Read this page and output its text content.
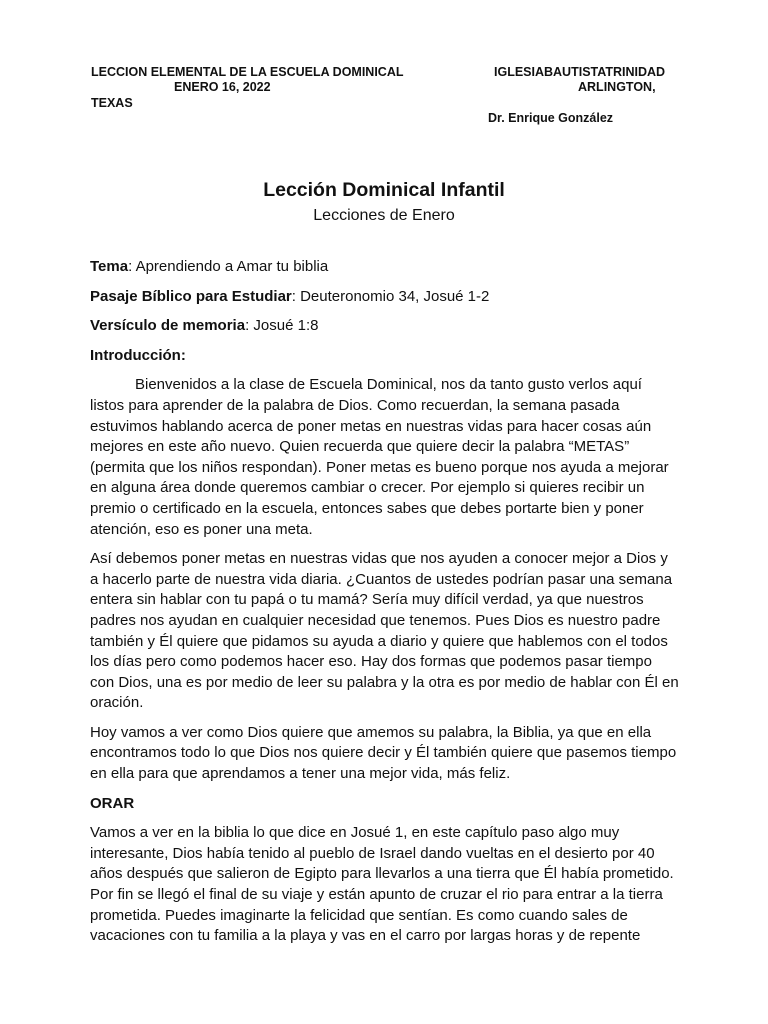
LECCION ELEMENTAL DE LA ESCUELA DOMINICAL
ENERO 16, 2022
TEXAS
IGLESIABAUTISTATRINIDAD
ARLINGTON,
Dr. Enrique González
Lección Dominical Infantil
Lecciones de Enero

Tema: Aprendiendo a Amar tu biblia

Pasaje Bíblico para Estudiar: Deuteronomio 34, Josué 1-2

Versículo de memoria: Josué 1:8

Introducción:

Bienvenidos a la clase de Escuela Dominical, nos da tanto gusto verlos aquí listos para aprender de la palabra de Dios. Como recuerdan, la semana pasada estuvimos hablando acerca de poner metas en nuestras vidas para hacer cosas aún mejores en este año nuevo. Quien recuerda que quiere decir la palabra “METAS” (permita que los niños respondan). Poner metas es bueno porque nos ayuda a mejorar en alguna área donde queremos cambiar o crecer. Por ejemplo si quieres recibir un premio o certificado en la escuela, entonces sabes que debes portarte bien y poner atención, eso es poner una meta.

Así debemos poner metas en nuestras vidas que nos ayuden a conocer mejor a Dios y a hacerlo parte de nuestra vida diaria. ¿Cuantos de ustedes podrían pasar una semana entera sin hablar con tu papá o tu mamá? Sería muy difícil verdad, ya que nuestros padres nos ayudan en cualquier necesidad que tenemos. Pues Dios es nuestro padre también y Él quiere que pidamos su ayuda a diario y quiere que hablemos con el todos los días pero como podemos hacer eso. Hay dos formas que podemos pasar tiempo con Dios, una es por medio de leer su palabra y la otra es por medio de hablar con Él en oración.

Hoy vamos a ver como Dios quiere que amemos su palabra, la Biblia, ya que en ella encontramos todo lo que Dios nos quiere decir y Él también quiere que pasemos tiempo en ella para que aprendamos a tener una mejor vida, más feliz.

ORAR

Vamos a ver en la biblia lo que dice en Josué 1, en este capítulo paso algo muy interesante, Dios había tenido al pueblo de Israel dando vueltas en el desierto por 40 años después que salieron de Egipto para llevarlos a una tierra que Él había prometido. Por fin se llegó el final de su viaje y están apunto de cruzar el rio para entrar a la tierra prometida. Puedes imaginarte la felicidad que sentían. Es como cuando sales de vacaciones con tu familia a la playa y vas en el carro por largas horas y de repente
